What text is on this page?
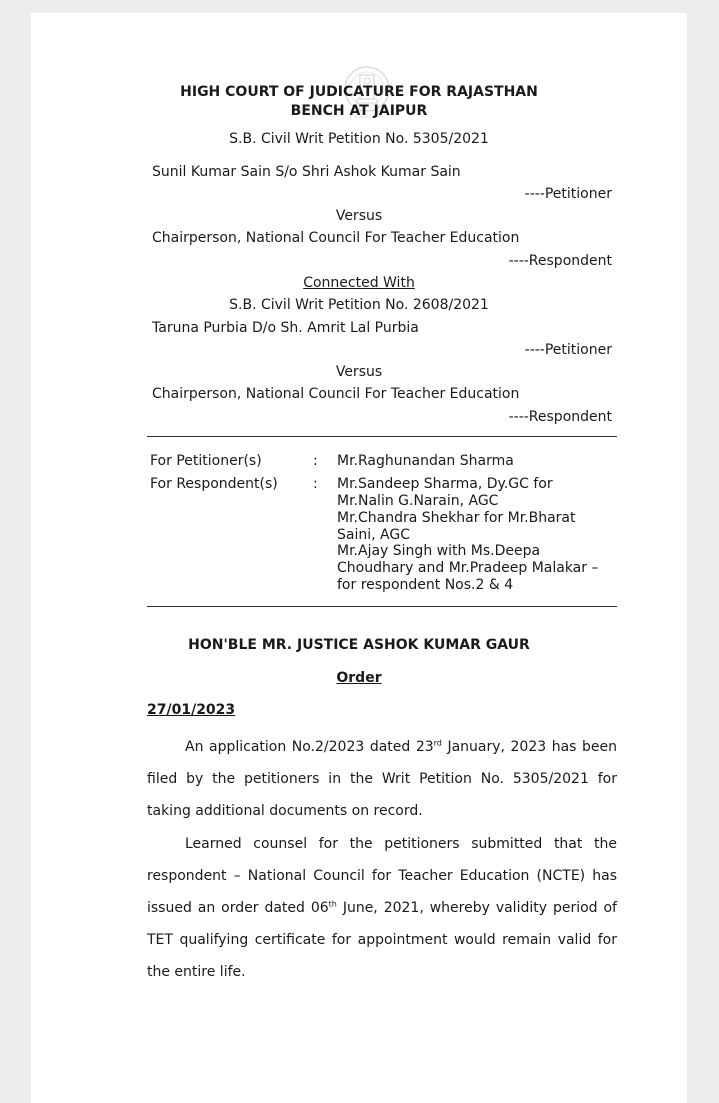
HIGH COURT OF JUDICATURE FOR RAJASTHAN
BENCH AT JAIPUR
S.B. Civil Writ Petition No. 5305/2021
Sunil Kumar Sain S/o Shri Ashok Kumar Sain
----Petitioner
Versus
Chairperson, National Council For Teacher Education
----Respondent
Connected With
S.B. Civil Writ Petition No. 2608/2021
Taruna Purbia D/o Sh. Amrit Lal Purbia
----Petitioner
Versus
Chairperson, National Council For Teacher Education
----Respondent
For Petitioner(s)	: Mr.Raghunandan Sharma
For Respondent(s)	: Mr.Sandeep Sharma, Dy.GC for
Mr.Nalin G.Narain, AGC
Mr.Chandra Shekhar for Mr.Bharat
Saini, AGC
Mr.Ajay Singh with Ms.Deepa
Choudhary and Mr.Pradeep Malakar –
for respondent Nos.2 & 4
HON'BLE MR. JUSTICE ASHOK KUMAR GAUR
Order
27/01/2023
An application No.2/2023 dated 23rd January, 2023 has been
filed by the petitioners in the Writ Petition No. 5305/2021 for
taking additional documents on record.
Learned counsel for the petitioners submitted that the
respondent – National Council for Teacher Education (NCTE) has
issued an order dated 06th June, 2021, whereby validity period of
TET qualifying certificate for appointment would remain valid for
the entire life.
